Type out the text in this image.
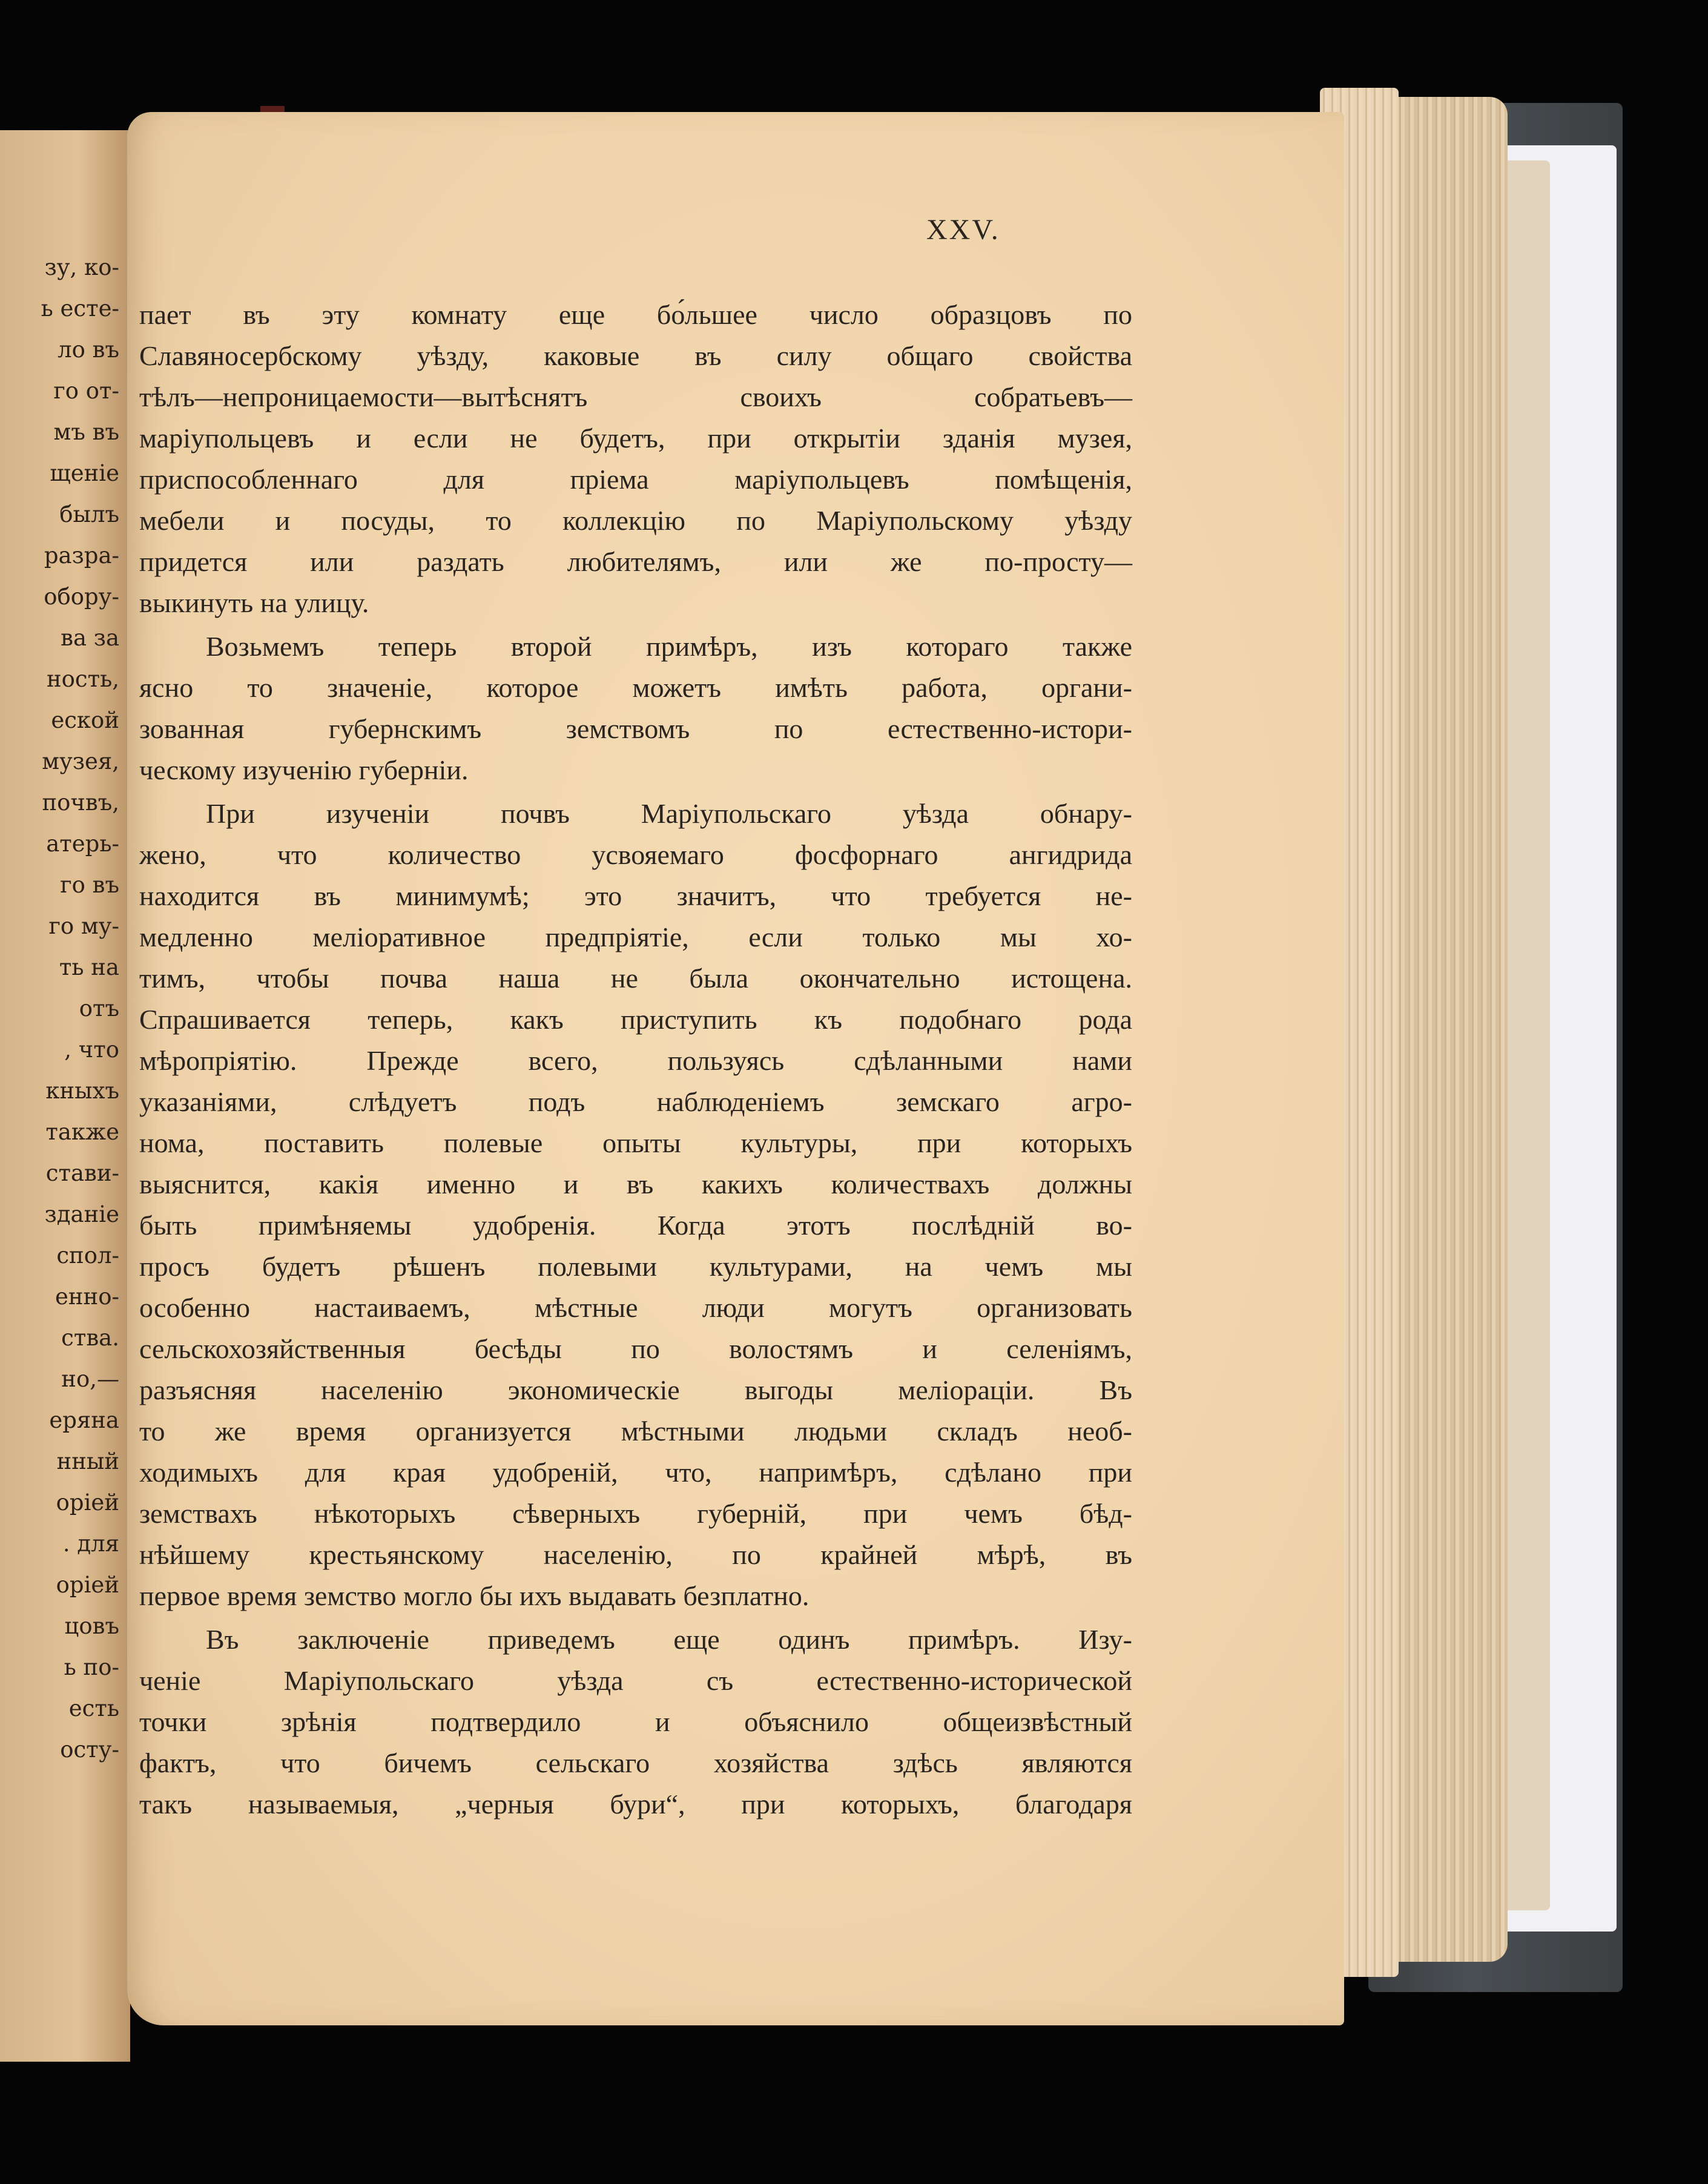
зу, ко-
ь есте-
ло въ
го от-
мъ въ
щеніе
былъ
разра-
обору-
ва за
ность,
еской
музея,
почвъ,
атерь-
го въ
го му-
ть на
отъ
, что
кныхъ
также
стави-
зданіе
спол-
енно-
ства.
но,—
еряна
нный
оріей
. для
оріей
цовъ
ь по-
есть
осту-
XXV.
пает въ эту комнату еще бо́льшее число образцовъ по
Славяносербскому уѣзду, каковые въ силу общаго свойства
тѣлъ—непроницаемости—вытѣснятъ своихъ собратьевъ—
маріупольцевъ и если не будетъ, при открытіи зданія музея,
приспособленнаго для пріема маріупольцевъ помѣщенія,
мебели и посуды, то коллекцію по Маріупольскому уѣзду
придется или раздать любителямъ, или же по-просту—
выкинуть на улицу.
Возьмемъ теперь второй примѣръ, изъ котораго также
ясно то значеніе, которое можетъ имѣть работа, органи-
зованная губернскимъ земствомъ по естественно-истори-
ческому изученію губерніи.
При изученіи почвъ Маріупольскаго уѣзда обнару-
жено, что количество усвояемаго фосфорнаго ангидрида
находится въ минимумѣ; это значитъ, что требуется не-
медленно меліоративное предпріятіе, если только мы хо-
тимъ, чтобы почва наша не была окончательно истощена.
Спрашивается теперь, какъ приступить къ подобнаго рода
мѣропріятію. Прежде всего, пользуясь сдѣланными нами
указаніями, слѣдуетъ подъ наблюденіемъ земскаго агро-
нома, поставить полевые опыты культуры, при которыхъ
выяснится, какія именно и въ какихъ количествахъ должны
быть примѣняемы удобренія. Когда этотъ послѣдній во-
просъ будетъ рѣшенъ полевыми культурами, на чемъ мы
особенно настаиваемъ, мѣстные люди могутъ организовать
сельскохозяйственныя бесѣды по волостямъ и селеніямъ,
разъясняя населенію экономическіе выгоды меліораціи. Въ
то же время организуется мѣстными людьми складъ необ-
ходимыхъ для края удобреній, что, напримѣръ, сдѣлано при
земствахъ нѣкоторыхъ сѣверныхъ губерній, при чемъ бѣд-
нѣйшему крестьянскому населенію, по крайней мѣрѣ, въ
первое время земство могло бы ихъ выдавать безплатно.
Въ заключеніе приведемъ еще одинъ примѣръ. Изу-
ченіе Маріупольскаго уѣзда съ естественно-исторической
точки зрѣнія подтвердило и объяснило общеизвѣстный
фактъ, что бичемъ сельскаго хозяйства здѣсь являются
такъ называемыя, „черныя бури“, при которыхъ, благодаря
